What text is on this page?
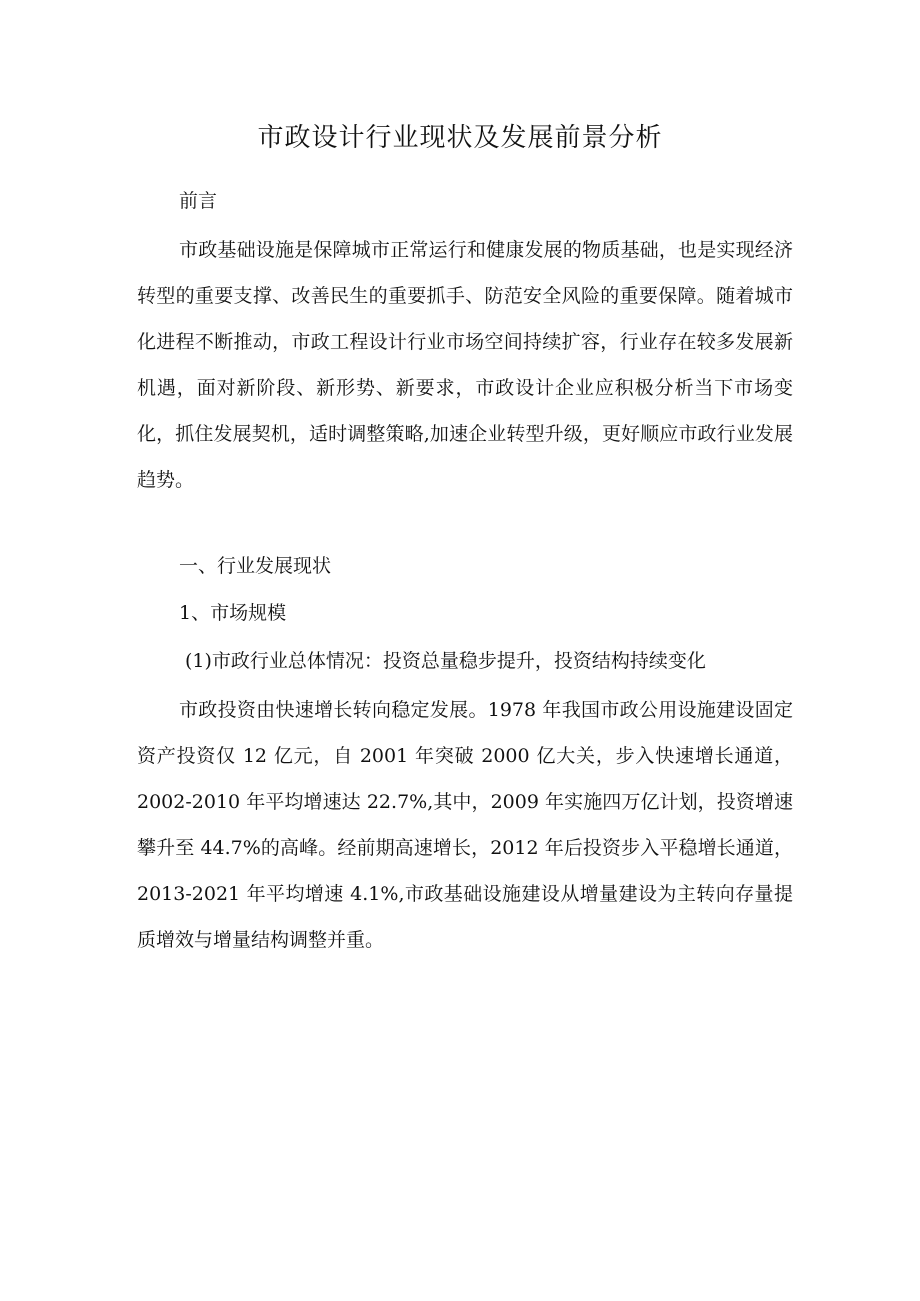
市政设计行业现状及发展前景分析
前言

市政基础设施是保障城市正常运行和健康发展的物质基础，也是实现经济转型的重要支撑、改善民生的重要抓手、防范安全风险的重要保障。随着城市化进程不断推动，市政工程设计行业市场空间持续扩容，行业存在较多发展新机遇，面对新阶段、新形势、新要求，市政设计企业应积极分析当下市场变化，抓住发展契机，适时调整策略,加速企业转型升级，更好顺应市政行业发展趋势。

一、行业发展现状
1、市场规模
(1)市政行业总体情况：投资总量稳步提升，投资结构持续变化

市政投资由快速增长转向稳定发展。1978 年我国市政公用设施建设固定资产投资仅 12 亿元，自 2001 年突破 2000 亿大关，步入快速增长通道，2002-2010 年平均增速达 22.7%,其中，2009 年实施四万亿计划，投资增速攀升至 44.7%的高峰。经前期高速增长，2012 年后投资步入平稳增长通道，2013-2021 年平均增速 4.1%,市政基础设施建设从增量建设为主转向存量提质增效与增量结构调整并重。
